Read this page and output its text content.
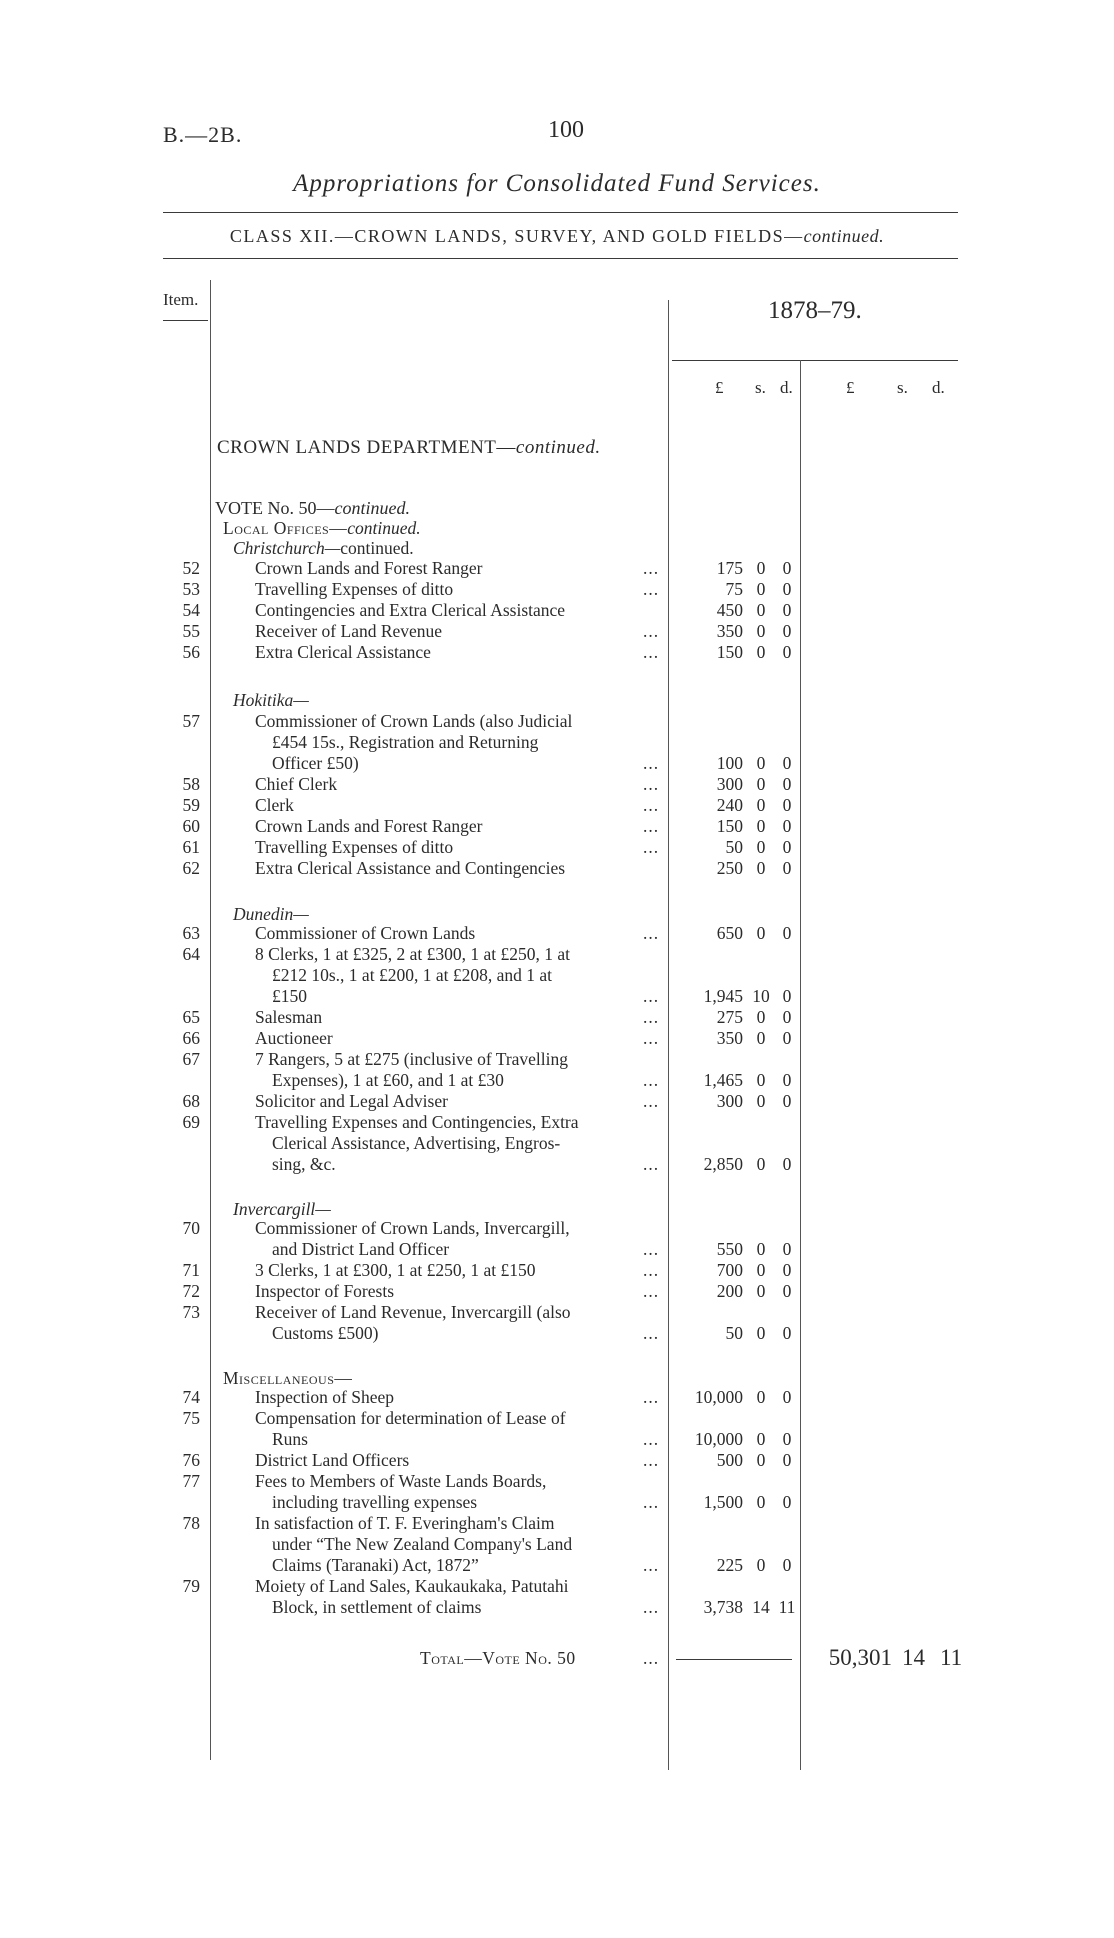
B.—2B.	100
Appropriations for Consolidated Fund Services.
CLASS XII.—CROWN LANDS, SURVEY, AND GOLD FIELDS—continued.
Item.	1878–79.
£ s. d.	£	s. d.
CROWN LANDS DEPARTMENT—continued.
VOTE No. 50—continued.
Local Offices—continued.
Christchurch—continued.
52	Crown Lands and Forest Ranger	...	175 0 0
53	Travelling Expenses of ditto	...	75 0 0
54	Contingencies and Extra Clerical Assistance	450 0 0
55	Receiver of Land Revenue	...	350 0 0
56	Extra Clerical Assistance	...	150 0 0
Hokitika—
57	Commissioner of Crown Lands (also Judicial
£454 15s., Registration and Returning
Officer £50)	...	100 0 0
58	Chief Clerk	...	300 0 0
59	Clerk	...	240 0 0
60	Crown Lands and Forest Ranger	...	150 0 0
61	Travelling Expenses of ditto	...	50 0 0
62	Extra Clerical Assistance and Contingencies	250 0 0
Dunedin—
63	Commissioner of Crown Lands	...	650 0 0
64	8 Clerks, 1 at £325, 2 at £300, 1 at £250, 1 at
£212 10s., 1 at £200, 1 at £208, and 1 at
£150	...	1,945 10 0
65	Salesman	...	275 0 0
66	Auctioneer	...	350 0 0
67	7 Rangers, 5 at £275 (inclusive of Travelling
Expenses), 1 at £60, and 1 at £30	...	1,465 0 0
68	Solicitor and Legal Adviser	...	300 0 0
69	Travelling Expenses and Contingencies, Extra
Clerical Assistance, Advertising, Engros-
sing, &c.	...	2,850 0 0
Invercargill—
70	Commissioner of Crown Lands, Invercargill,
and District Land Officer	...	550 0 0
71	3 Clerks, 1 at £300, 1 at £250, 1 at £150	...	700 0 0
72	Inspector of Forests	...	200 0 0
73	Receiver of Land Revenue, Invercargill (also
Customs £500)	...	50 0 0
Miscellaneous—
74	Inspection of Sheep	...	10,000 0 0
75	Compensation for determination of Lease of
Runs	...	10,000 0 0
76	District Land Officers	...	500 0 0
77	Fees to Members of Waste Lands Boards,
including travelling expenses	...	1,500 0 0
78	In satisfaction of T. F. Everingham's Claim
under “The New Zealand Company's Land
Claims (Taranaki) Act, 1872”	...	225 0 0
79	Moiety of Land Sales, Kaukaukaka, Patutahi
Block, in settlement of claims	...	3,738 14 11
Total—Vote No. 50	...	50,301 14 11
